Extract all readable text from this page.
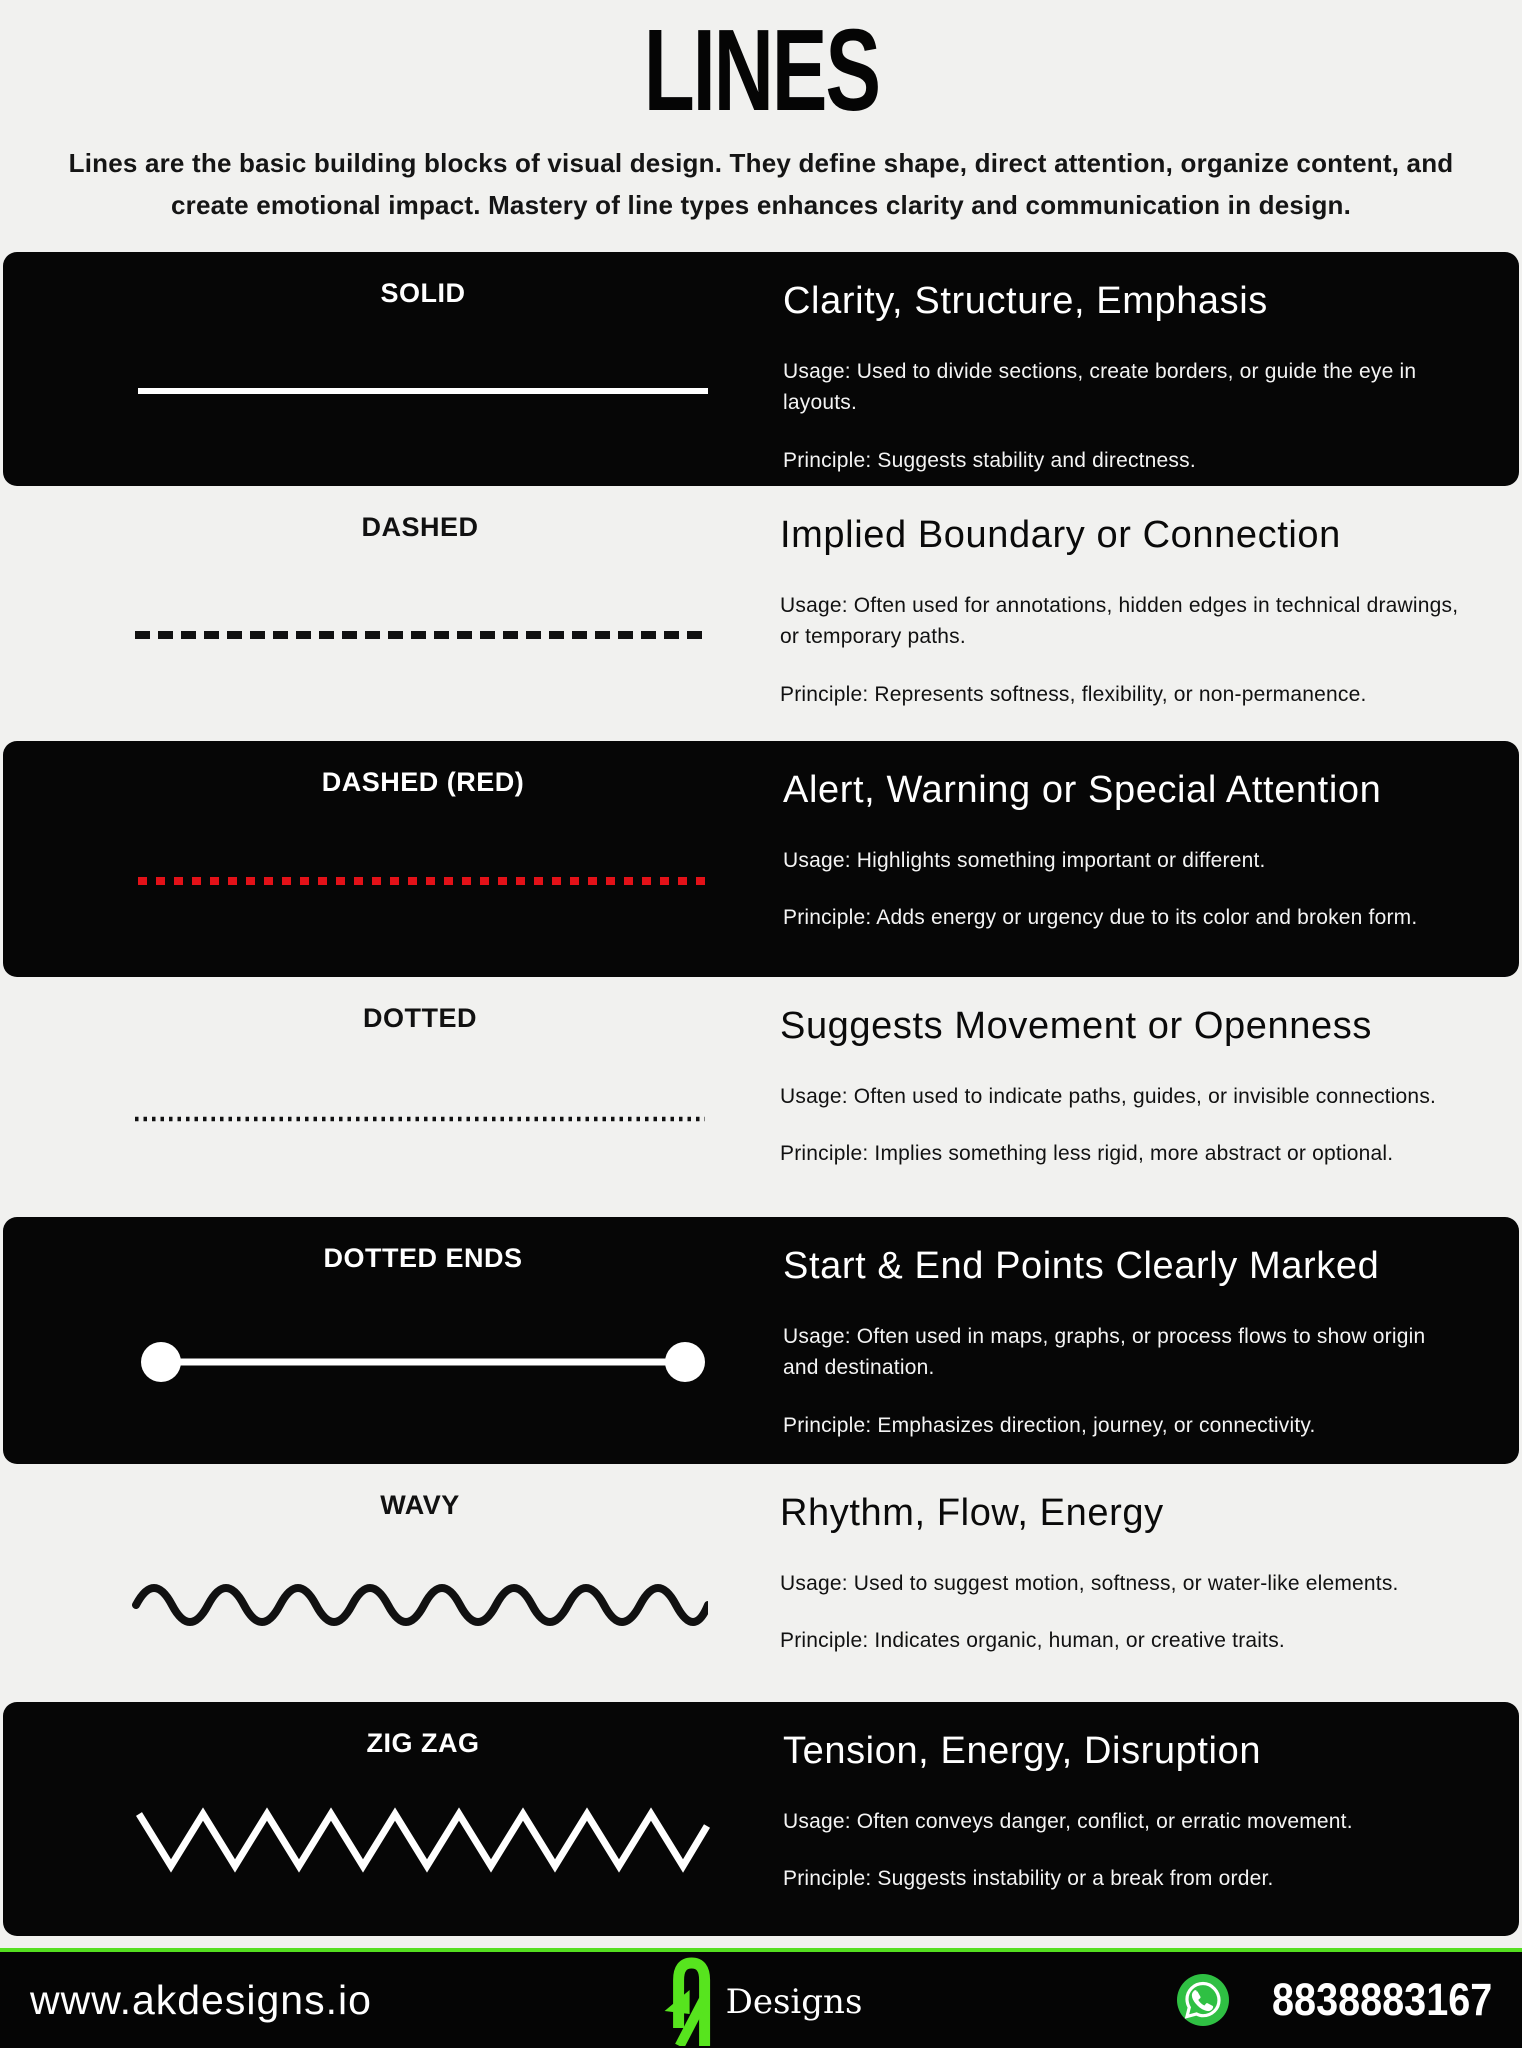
LINES

Lines are the basic building blocks of visual design. They define shape, direct attention, organize content, and create emotional impact. Mastery of line types enhances clarity and communication in design.

SOLID	Clarity, Structure, Emphasis

Usage: Used to divide sections, create borders, or guide the eye in layouts.

Principle: Suggests stability and directness.

DASHED	Implied Boundary or Connection

Usage: Often used for annotations, hidden edges in technical drawings, or temporary paths.

Principle: Represents softness, flexibility, or non-permanence.

DASHED (RED)	Alert, Warning or Special Attention

Usage: Highlights something important or different.

Principle: Adds energy or urgency due to its color and broken form.

DOTTED	Suggests Movement or Openness

Usage: Often used to indicate paths, guides, or invisible connections.

Principle: Implies something less rigid, more abstract or optional.

DOTTED ENDS	Start & End Points Clearly Marked

Usage: Often used in maps, graphs, or process flows to show origin and destination.

Principle: Emphasizes direction, journey, or connectivity.

WAVY	Rhythm, Flow, Energy

Usage: Used to suggest motion, softness, or water-like elements.

Principle: Indicates organic, human, or creative traits.

ZIG ZAG	Tension, Energy, Disruption

Usage: Often conveys danger, conflict, or erratic movement.

Principle: Suggests instability or a break from order.

www.akdesigns.io	Designs	8838883167
